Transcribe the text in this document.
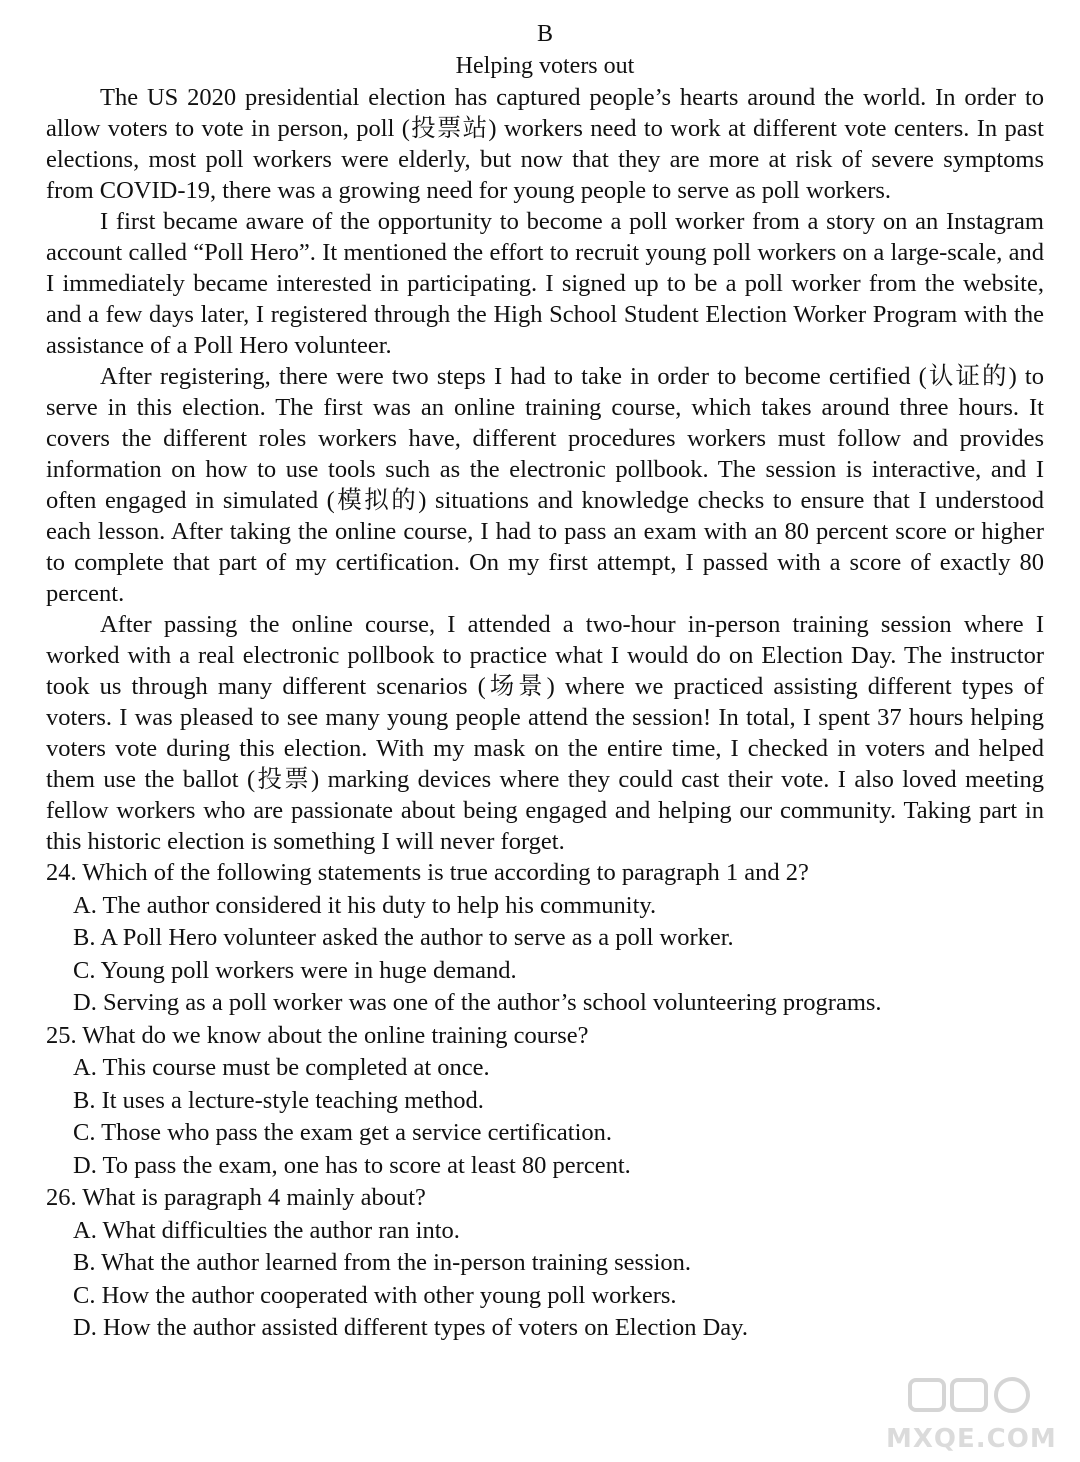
B

Helping voters out

The US 2020 presidential election has captured people’s hearts around the world. In order to allow voters to vote in person, poll (投票站) workers need to work at different vote centers. In past elections, most poll workers were elderly, but now that they are more at risk of severe symptoms from COVID-19, there was a growing need for young people to serve as poll workers.

I first became aware of the opportunity to become a poll worker from a story on an Instagram account called “Poll Hero”. It mentioned the effort to recruit young poll workers on a large-scale, and I immediately became interested in participating. I signed up to be a poll worker from the website, and a few days later, I registered through the High School Student Election Worker Program with the assistance of a Poll Hero volunteer.

After registering, there were two steps I had to take in order to become certified (认证的) to serve in this election. The first was an online training course, which takes around three hours. It covers the different roles workers have, different procedures workers must follow and provides information on how to use tools such as the electronic pollbook. The session is interactive, and I often engaged in simulated (模拟的) situations and knowledge checks to ensure that I understood each lesson. After taking the online course, I had to pass an exam with an 80 percent score or higher to complete that part of my certification. On my first attempt, I passed with a score of exactly 80 percent.

After passing the online course, I attended a two-hour in-person training session where I worked with a real electronic pollbook to practice what I would do on Election Day. The instructor took us through many different scenarios (场景) where we practiced assisting different types of voters. I was pleased to see many young people attend the session! In total, I spent 37 hours helping voters vote during this election. With my mask on the entire time, I checked in voters and helped them use the ballot (投票) marking devices where they could cast their vote. I also loved meeting fellow workers who are passionate about being engaged and helping our community. Taking part in this historic election is something I will never forget.

24. Which of the following statements is true according to paragraph 1 and 2?

A. The author considered it his duty to help his community.

B. A Poll Hero volunteer asked the author to serve as a poll worker.

C. Young poll workers were in huge demand.

D. Serving as a poll worker was one of the author’s school volunteering programs.

25. What do we know about the online training course?

A. This course must be completed at once.

B. It uses a lecture-style teaching method.

C. Those who pass the exam get a service certification.

D. To pass the exam, one has to score at least 80 percent.

26. What is paragraph 4 mainly about?

A. What difficulties the author ran into.

B. What the author learned from the in-person training session.

C. How the author cooperated with other young poll workers.

D. How the author assisted different types of voters on Election Day.

MXQE.COM
